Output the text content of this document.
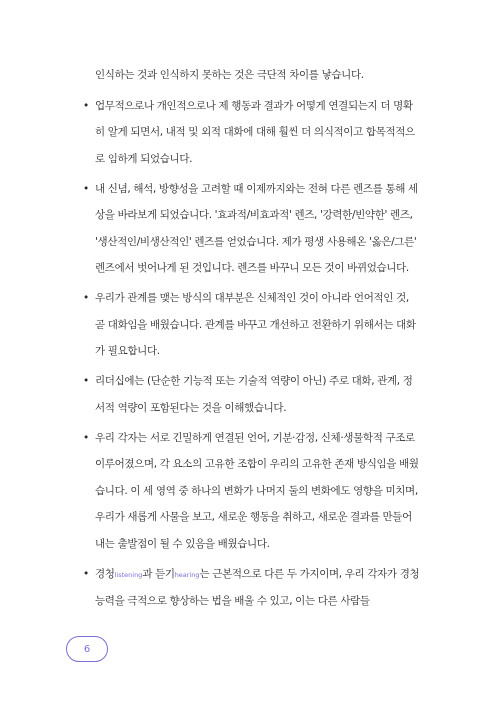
인식하는 것과 인식하지 못하는 것은 극단적 차이를 낳습니다.

• 업무적으로나 개인적으로나 제 행동과 결과가 어떻게 연결되는지 더 명확히 알게 되면서, 내적 및 외적 대화에 대해 훨씬 더 의식적이고 합목적적으로 임하게 되었습니다.

• 내 신념, 해석, 방향성을 고려할 때 이제까지와는 전혀 다른 렌즈를 통해 세상을 바라보게 되었습니다. '효과적/비효과적' 렌즈, '강력한/빈약한' 렌즈, '생산적인/비생산적인' 렌즈를 얻었습니다. 제가 평생 사용해온 '옳은/그른' 렌즈에서 벗어나게 된 것입니다. 렌즈를 바꾸니 모든 것이 바뀌었습니다.

• 우리가 관계를 맺는 방식의 대부분은 신체적인 것이 아니라 언어적인 것, 곧 대화임을 배웠습니다. 관계를 바꾸고 개선하고 전환하기 위해서는 대화가 필요합니다.

• 리더십에는 (단순한 기능적 또는 기술적 역량이 아닌) 주로 대화, 관계, 정서적 역량이 포함된다는 것을 이해했습니다.

• 우리 각자는 서로 긴밀하게 연결된 언어, 기분·감정, 신체·생물학적 구조로 이루어졌으며, 각 요소의 고유한 조합이 우리의 고유한 존재 방식임을 배웠습니다. 이 세 영역 중 하나의 변화가 나머지 둘의 변화에도 영향을 미치며, 우리가 새롭게 사물을 보고, 새로운 행동을 취하고, 새로운 결과를 만들어내는 출발점이 될 수 있음을 배웠습니다.

• 경청listening과 듣기hearing는 근본적으로 다른 두 가지이며, 우리 각자가 경청 능력을 극적으로 향상하는 법을 배울 수 있고, 이는 다른 사람들

6
